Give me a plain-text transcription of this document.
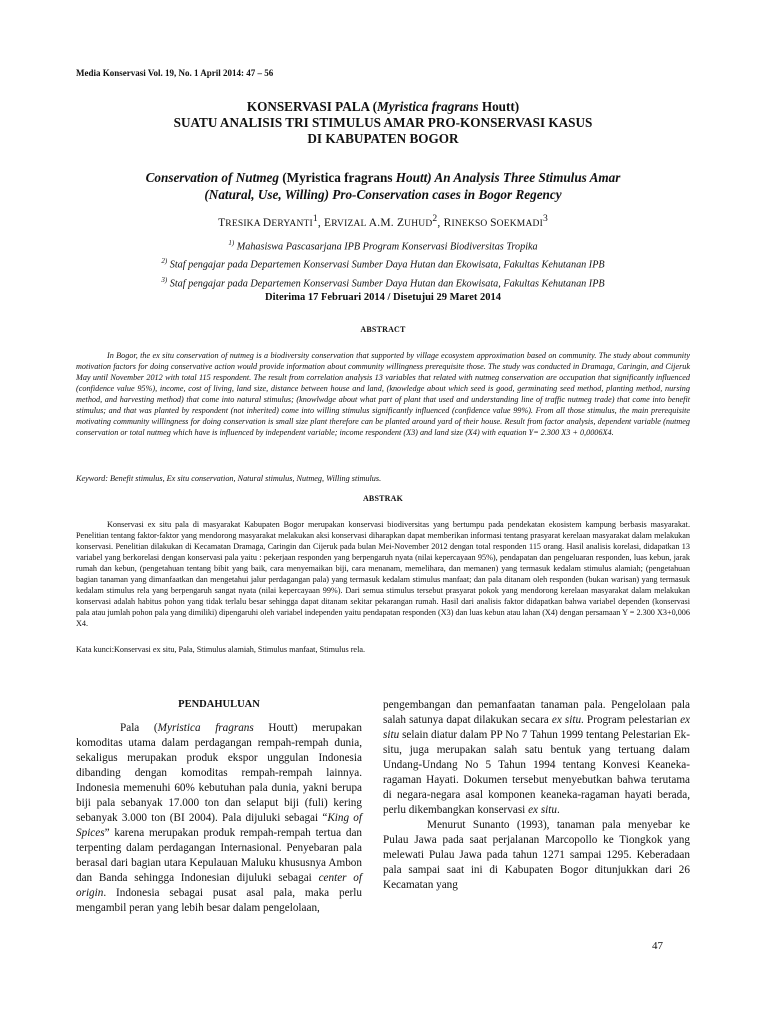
Media Konservasi Vol. 19, No. 1 April 2014: 47 – 56
KONSERVASI PALA (Myristica fragrans Houtt)
SUATU ANALISIS TRI STIMULUS AMAR PRO-KONSERVASI KASUS
DI KABUPATEN BOGOR
Conservation of Nutmeg (Myristica fragrans Houtt) An Analysis Three Stimulus Amar
(Natural, Use, Willing) Pro-Conservation cases in Bogor Regency
TRESIKA DERYANTI$^1$, ERVIZAL A.M. ZUHUD$^2$, RINEKSO SOEKMADI$^3$
$^{1)}$ Mahasiswa Pascasarjana IPB Program Konservasi Biodiversitas Tropika
$^{2)}$ Staf pengajar pada Departemen Konservasi Sumber Daya Hutan dan Ekowisata, Fakultas Kehutanan IPB
$^{3)}$ Staf pengajar pada Departemen Konservasi Sumber Daya Hutan dan Ekowisata, Fakultas Kehutanan IPB
Diterima 17 Februari 2014 / Disetujui 29 Maret 2014
ABSTRACT
In Bogor, the ex situ conservation of nutmeg is a biodiversity conservation that supported by village ecosystem approximation based on community. The study about community motivation factors for doing conservative action would provide information about community willingness prerequisite those. The study was conducted in Dramaga, Caringin, and Cijeruk May until November 2012 with total 115 respondent. The result from correlation analysis 13 variables that related with nutmeg conservation are occupation that significantly influenced (confidence value 95%), income, cost of living, land size, distance between house and land, (knowledge about which seed is good, germinating seed method, planting method, nursing method, and harvesting method) that come into natural stimulus; (knowlwdge about what part of plant that used and understanding line of traffic nutmeg trade) that come into benefit stimulus; and that was planted by respondent (not inherited) come into willing stimulus significantly influenced (confidence value 99%). From all those stimulus, the main prerequisite motivating community willingness for doing conservation is small size plant therefore can be planted around yard of their house. Result from factor analysis, dependent variable (nutmeg conservation or total nutmeg which have is influenced by independent variable; income respondent (X3) and land size (X4) with equation Y= 2.300 X3 + 0,0006X4.
Keyword: Benefit stimulus, Ex situ conservation, Natural stimulus, Nutmeg, Willing stimulus.
ABSTRAK
Konservasi ex situ pala di masyarakat Kabupaten Bogor merupakan konservasi biodiversitas yang bertumpu pada pendekatan ekosistem kampung berbasis masyarakat. Penelitian tentang faktor-faktor yang mendorong masyarakat melakukan aksi konservasi diharapkan dapat memberikan informasi tentang prasyarat kerelaan masyarakat dalam melakukan konservasi. Penelitian dilakukan di Kecamatan Dramaga, Caringin dan Cijeruk pada bulan Mei-November 2012 dengan total responden 115 orang. Hasil analisis korelasi, didapatkan 13 variabel yang berkorelasi dengan konservasi pala yaitu : pekerjaan responden yang berpengaruh nyata (nilai kepercayaan 95%), pendapatan dan pengeluaran responden, luas kebun, jarak rumah dan kebun, (pengetahuan tentang bibit yang baik, cara menyemaikan biji, cara menanam, memelihara, dan memanen) yang termasuk kedalam stimulus alamiah; (pengetahuan bagian tanaman yang dimanfaatkan dan mengetahui jalur perdagangan pala) yang termasuk kedalam stimulus manfaat; dan pala ditanam oleh responden (bukan warisan) yang termasuk kedalam stimulus rela yang berpengaruh sangat nyata (nilai kepercayaan 99%). Dari semua stimulus tersebut prasyarat pokok yang mendorong kerelaan masyarakat dalam melakukan konservasi adalah habitus pohon yang tidak terlalu besar sehingga dapat ditanam sekitar pekarangan rumah. Hasil dari analisis faktor didapatkan bahwa variabel dependen (konservasi pala atau jumlah pohon pala yang dimiliki) dipengaruhi oleh variabel independen yaitu pendapatan responden (X3) dan luas kebun atau lahan (X4) dengan persamaan Y = 2.300 X3+0,006 X4.
Kata kunci:Konservasi ex situ, Pala, Stimulus alamiah, Stimulus manfaat, Stimulus rela.
PENDAHULUAN

Pala (Myristica fragrans Houtt) merupakan komoditas utama dalam perdagangan rempah-rempah dunia, sekaligus merupakan produk ekspor unggulan Indonesia dibanding dengan komoditas rempah-rempah lainnya. Indonesia memenuhi 60% kebutuhan pala dunia, yakni berupa biji pala sebanyak 17.000 ton dan selaput biji (fuli) kering sebanyak 3.000 ton (BI 2004). Pala dijuluki sebagai “King of Spices” karena merupakan produk rempah-rempah tertua dan terpenting dalam perdagangan Internasional. Penyebaran pala berasal dari bagian utara Kepulauan Maluku khususnya Ambon dan Banda sehingga Indonesian dijuluki sebagai center of origin. Indonesia sebagai pusat asal pala, maka perlu mengambil peran yang lebih besar dalam pengelolaan,

pengembangan dan pemanfaatan tanaman pala. Pengelolaan pala salah satunya dapat dilakukan secara ex situ. Program pelestarian ex situ selain diatur dalam PP No 7 Tahun 1999 tentang Pelestarian Ek-situ, juga merupakan salah satu bentuk yang tertuang dalam Undang-Undang No 5 Tahun 1994 tentang Konvesi Keaneka-ragaman Hayati. Dokumen tersebut menyebutkan bahwa terutama di negara-negara asal komponen keaneka-ragaman hayati berada, perlu dikembangkan konservasi ex situ.

Menurut Sunanto (1993), tanaman pala menyebar ke Pulau Jawa pada saat perjalanan Marcopollo ke Tiongkok yang melewati Pulau Jawa pada tahun 1271 sampai 1295. Keberadaan pala sampai saat ini di Kabupaten Bogor ditunjukkan dari 26 Kecamatan yang

47
